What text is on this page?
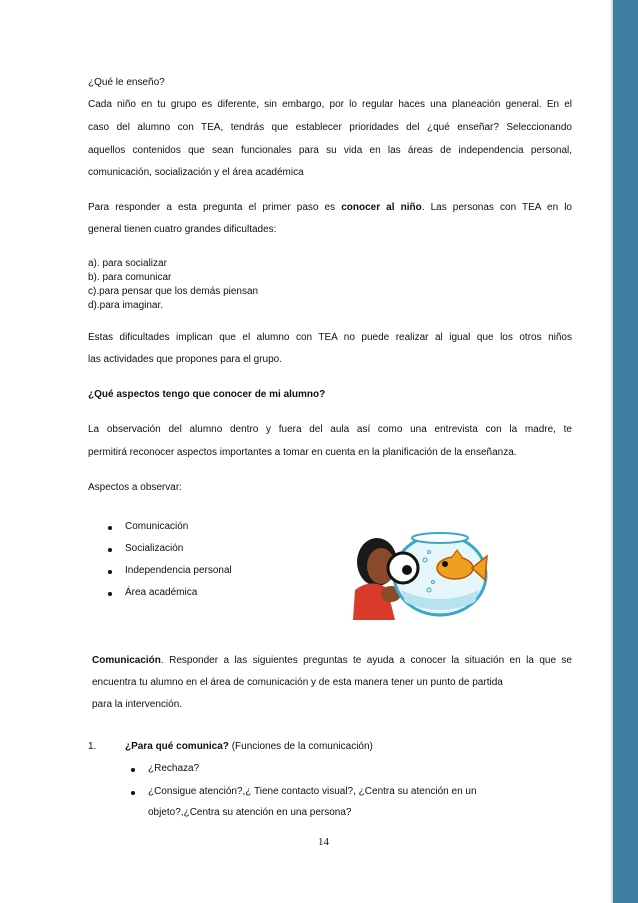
¿Qué le enseño?
Cada niño en tu grupo es diferente, sin embargo, por lo regular haces una planeación general. En el
caso del alumno con TEA, tendrás que establecer prioridades del ¿qué enseñar? Seleccionando
aquellos contenidos que sean funcionales para su vida en las áreas de independencia personal,
comunicación, socialización y el área académica
Para responder a esta pregunta el primer paso es conocer al niño. Las personas con TEA en lo
general tienen cuatro grandes dificultades:
a). para socializar
b). para comunicar
c).para pensar que los demás piensan
d).para imaginar.
Estas dificultades implican que el alumno con TEA no puede realizar al igual que los otros niños
las actividades que propones para el grupo.
¿Qué aspectos tengo que conocer de mi alumno?
La observación del alumno dentro y fuera del aula así como una entrevista con la madre, te
permitirá reconocer aspectos importantes a tomar en cuenta en la planificación de la enseñanza.
Aspectos a observar:
Comunicación
Socialización
Independencia personal
Área académica
Comunicación. Responder a las siguientes preguntas te ayuda a conocer la situación en la que se
encuentra tu alumno en el área de comunicación y de esta manera tener un punto de partida
para la intervención.
1.	¿Para qué comunica? (Funciones de la comunicación)
¿Rechaza?
¿Consigue atención?,¿ Tiene contacto visual?, ¿Centra su atención en un
objeto?,¿Centra su atención en una persona?
14
